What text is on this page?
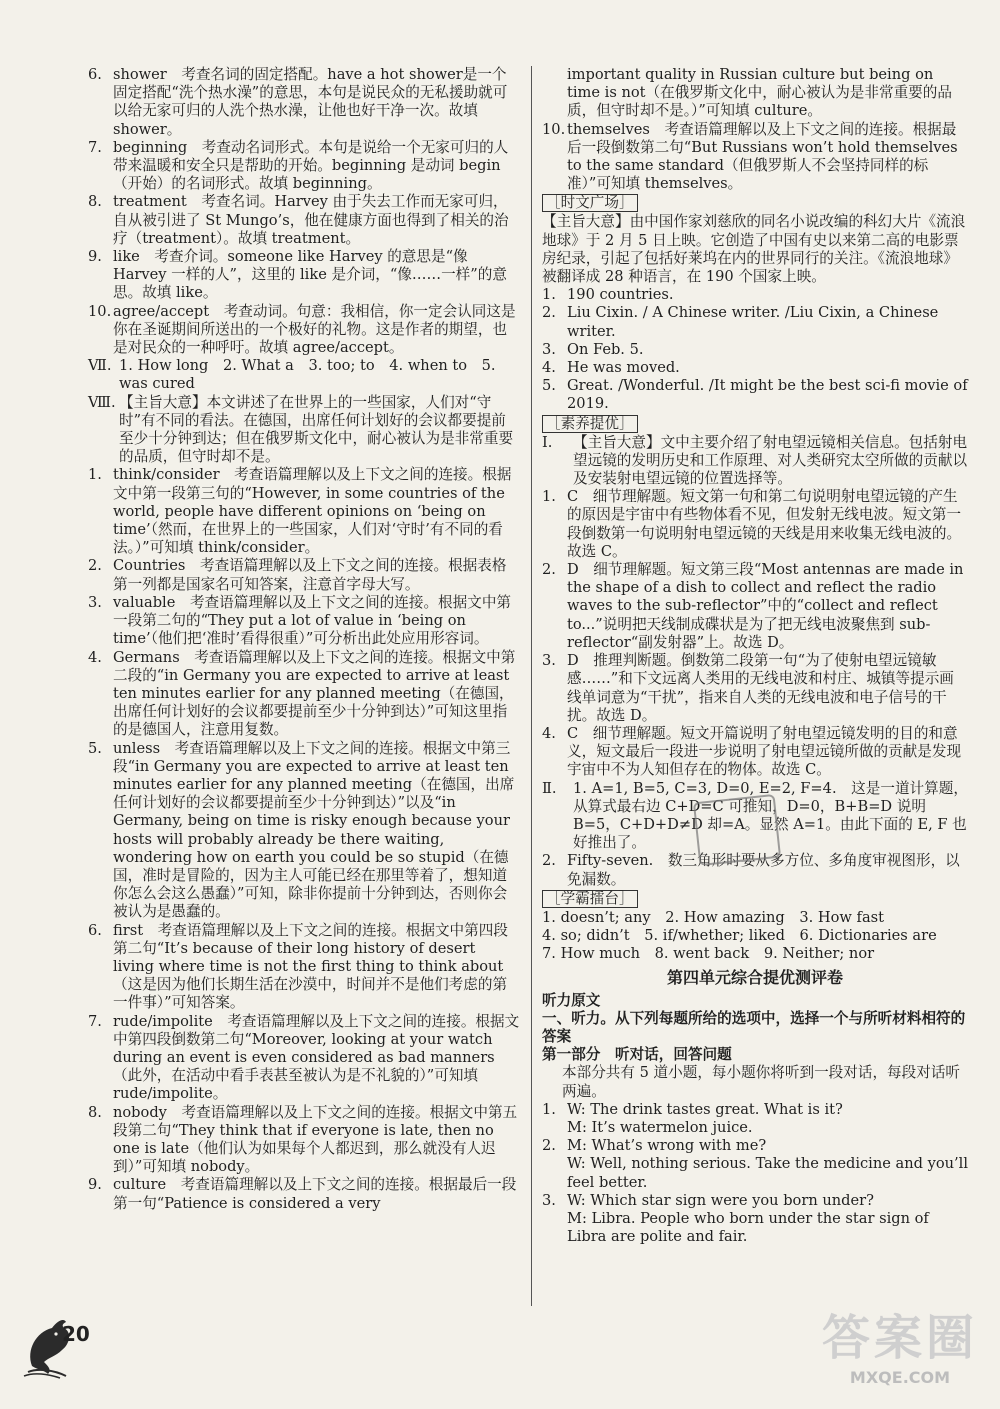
6. shower　考查名词的固定搭配。have a hot shower是一个固定搭配“洗个热水澡”的意思，本句是说民众的无私援助就可以给无家可归的人洗个热水澡，让他也好干净一次。故填 shower。
7. beginning　考查动名词形式。本句是说给一个无家可归的人带来温暖和安全只是帮助的开始。beginning 是动词 begin（开始）的名词形式。故填 beginning。
8. treatment　考查名词。Harvey 由于失去工作而无家可归，自从被引进了 St Mungo’s，他在健康方面也得到了相关的治疗（treatment）。故填 treatment。
9. like　考查介词。someone like Harvey 的意思是“像 Harvey 一样的人”，这里的 like 是介词，“像……一样”的意思。故填 like。
10. agree/accept　考查动词。句意：我相信，你一定会认同这是你在圣诞期间所送出的一个极好的礼物。这是作者的期望，也是对民众的一种呼吁。故填 agree/accept。
Ⅶ. 1. How long　2. What a　3. too; to　4. when to　5. was cured
Ⅷ. 【主旨大意】本文讲述了在世界上的一些国家，人们对“守时”有不同的看法。在德国，出席任何计划好的会议都要提前至少十分钟到达；但在俄罗斯文化中，耐心被认为是非常重要的品质，但守时却不是。
1. think/consider　考查语篇理解以及上下文之间的连接。根据文中第一段第三句的“However, in some countries of the world, people have different opinions on ‘being on time’（然而，在世界上的一些国家，人们对‘守时’有不同的看法。）”可知填 think/consider。
2. Countries　考查语篇理解以及上下文之间的连接。根据表格第一列都是国家名可知答案，注意首字母大写。
3. valuable　考查语篇理解以及上下文之间的连接。根据文中第一段第二句的“They put a lot of value in ‘being on time’（他们把‘准时’看得很重）”可分析出此处应用形容词。
4. Germans　考查语篇理解以及上下文之间的连接。根据文中第二段的“in Germany you are expected to arrive at least ten minutes earlier for any planned meeting（在德国，出席任何计划好的会议都要提前至少十分钟到达）”可知这里指的是德国人，注意用复数。
5. unless　考查语篇理解以及上下文之间的连接。根据文中第三段“in Germany you are expected to arrive at least ten minutes earlier for any planned meeting（在德国，出席任何计划好的会议都要提前至少十分钟到达）”以及“in Germany, being on time is risky enough because your hosts will probably already be there waiting, wondering how on earth you could be so stupid（在德国，准时是冒险的，因为主人可能已经在那里等着了，想知道你怎么会这么愚蠢）”可知，除非你提前十分钟到达，否则你会被认为是愚蠢的。
6. first　考查语篇理解以及上下文之间的连接。根据文中第四段第二句“It’s because of their long history of desert living where time is not the first thing to think about（这是因为他们长期生活在沙漠中，时间并不是他们考虑的第一件事）”可知答案。
7. rude/impolite　考查语篇理解以及上下文之间的连接。根据文中第四段倒数第二句“Moreover, looking at your watch during an event is even considered as bad manners（此外，在活动中看手表甚至被认为是不礼貌的）”可知填 rude/impolite。
8. nobody　考查语篇理解以及上下文之间的连接。根据文中第五段第二句“They think that if everyone is late, then no one is late（他们认为如果每个人都迟到，那么就没有人迟到）”可知填 nobody。
9. culture　考查语篇理解以及上下文之间的连接。根据最后一段第一句“Patience is considered a very
important quality in Russian culture but being on time is not（在俄罗斯文化中，耐心被认为是非常重要的品质，但守时却不是。）”可知填 culture。
10. themselves　考查语篇理解以及上下文之间的连接。根据最后一段倒数第二句“But Russians won’t hold themselves to the same standard（但俄罗斯人不会坚持同样的标准）”可知填 themselves。
［时文广场］
【主旨大意】由中国作家刘慈欣的同名小说改编的科幻大片《流浪地球》于 2 月 5 日上映。它创造了中国有史以来第二高的电影票房纪录，引起了包括好莱坞在内的世界同行的关注。《流浪地球》被翻译成 28 种语言，在 190 个国家上映。
1. 190 countries.
2. Liu Cixin. / A Chinese writer. /Liu Cixin, a Chinese writer.
3. On Feb. 5.
4. He was moved.
5. Great. /Wonderful. /It might be the best sci-fi movie of 2019.
［素养提优］
Ⅰ. 【主旨大意】文中主要介绍了射电望远镜相关信息。包括射电望远镜的发明历史和工作原理、对人类研究太空所做的贡献以及安装射电望远镜的位置选择等。
1. C　细节理解题。短文第一句和第二句说明射电望远镜的产生的原因是宇宙中有些物体看不见，但发射无线电波。短文第一段倒数第一句说明射电望远镜的天线是用来收集无线电波的。故选 C。
2. D　细节理解题。短文第三段“Most antennas are made in the shape of a dish to collect and reflect the radio waves to the sub-reflector”中的“collect and reflect to...”说明把天线制成碟状是为了把无线电波聚焦到 sub-reflector“副发射器”上。故选 D。
3. D　推理判断题。倒数第二段第一句“为了使射电望远镜敏感……”和下文远离人类用的无线电波和村庄、城镇等提示画线单词意为“干扰”，指来自人类的无线电波和电子信号的干扰。故选 D。
4. C　细节理解题。短文开篇说明了射电望远镜发明的目的和意义，短文最后一段进一步说明了射电望远镜所做的贡献是发现宇宙中不为人知但存在的物体。故选 C。
Ⅱ. 1. A=1, B=5, C=3, D=0, E=2, F=4.　这是一道计算题，从算式最右边 C+D=C 可推知，D=0，B+B=D 说明 B=5，C+D+D≠D 却=A。显然 A=1。由此下面的 E, F 也好推出了。
2. Fifty-seven.　数三角形时要从多方位、多角度审视图形，以免漏数。
［学霸擂台］
1. doesn’t; any　2. How amazing　3. How fast
4. so; didn’t　5. if/whether; liked　6. Dictionaries are
7. How much　8. went back　9. Neither; nor
第四单元综合提优测评卷
听力原文
一、听力。从下列每题所给的选项中，选择一个与所听材料相符的答案
第一部分　听对话，回答问题
本部分共有 5 道小题，每小题你将听到一段对话，每段对话听两遍。
1. W: The drink tastes great. What is it?
M: It’s watermelon juice.
2. M: What’s wrong with me?
W: Well, nothing serious. Take the medicine and you’ll feel better.
3. W: Which star sign were you born under?
M: Libra. People who born under the star sign of Libra are polite and fair.
20	答案圈
MXQE.COM
